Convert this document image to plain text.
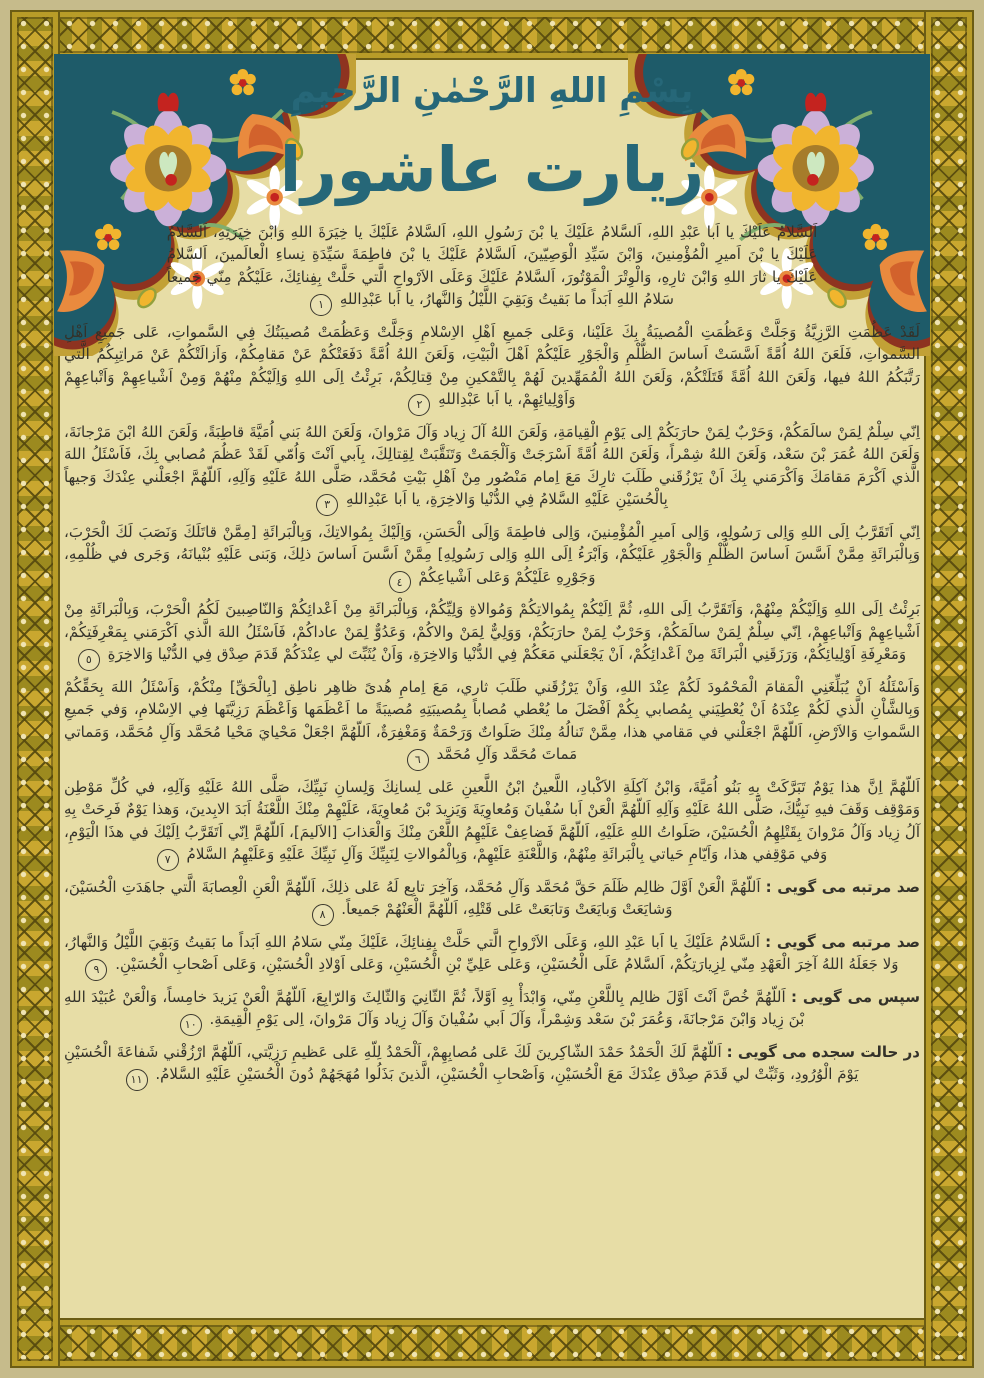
بِسْمِ اللهِ الرَّحْمٰنِ الرَّحيمِ
زيارت عاشورا

اَلسَّلامُ عَلَيْكَ يا اَبا عَبْدِ اللهِ، اَلسَّلامُ عَلَيْكَ يا بْنَ رَسُولِ اللهِ، اَلسَّلامُ عَلَيْكَ يا خِيَرَةَ اللهِ وَابْنَ خِيَرَتِهِ، اَلسَّلامُ عَلَيْكَ يا بْنَ اَميرِ الْمُؤْمِنينَ، وَابْنَ سَيِّدِ الْوَصِيّينَ، اَلسَّلامُ عَلَيْكَ يا بْنَ فاطِمَةَ سَيِّدَةِ نِساءِ الْعالَمينَ، اَلسَّلامُ عَلَيْكَ يا ثارَ اللهِ وَابْنَ ثارِهِ، وَالْوِتْرَ الْمَوْتُورَ، اَلسَّلامُ عَلَيْكَ وَعَلَى الاَرْواحِ الَّتي حَلَّتْ بِفِنائِكَ، عَلَيْكُمْ مِنّي جَميعاً سَلامُ اللهِ اَبَداً ما بَقيتُ وَبَقِيَ اللَّيْلُ وَالنَّهارُ، يا اَبا عَبْدِاللهِ
١

لَقَدْ عَظُمَتِ الرَّزِيَّةُ وَجَلَّتْ وَعَظُمَتِ الْمُصيبَةُ بِكَ عَلَيْنا، وَعَلى جَميعِ اَهْلِ الاِسْلامِ وَجَلَّتْ وَعَظُمَتْ مُصيبَتُكَ فِي السَّمواتِ، عَلى جَميعِ اَهْلِ السَّمواتِ، فَلَعَنَ اللهُ اُمَّةً اَسَّسَتْ اَساسَ الظُّلْمِ وَالْجَوْرِ عَلَيْكُمْ اَهْلَ الْبَيْتِ، وَلَعَنَ اللهُ اُمَّةً دَفَعَتْكُمْ عَنْ مَقامِكُمْ، وَاَزالَتْكُمْ عَنْ مَراتِبِكُمُ الَّتي رَتَّبَكُمُ اللهُ فيها، وَلَعَنَ اللهُ اُمَّةً قَتَلَتْكُمْ، وَلَعَنَ اللهُ الْمُمَهِّدينَ لَهُمْ بِالتَّمْكينِ مِنْ قِتالِكُمْ، بَرِئْتُ اِلَى اللهِ وَاِلَيْكُمْ مِنْهُمْ وَمِنْ اَشْياعِهِمْ وَاَتْباعِهِمْ وَاَوْلِيائِهِمْ، يا اَبا عَبْدِاللهِ
٢

اِنّي سِلْمٌ لِمَنْ سالَمَكُمْ، وَحَرْبٌ لِمَنْ حارَبَكُمْ اِلى يَوْمِ الْقِيامَةِ، وَلَعَنَ اللهُ آلَ زِياد وَآلَ مَرْوانَ، وَلَعَنَ اللهُ بَني اُمَيَّةَ قاطِبَةً، وَلَعَنَ اللهُ ابْنَ مَرْجانَةَ، وَلَعَنَ اللهُ عُمَرَ بْنَ سَعْد، وَلَعَنَ اللهُ شِمْراً، وَلَعَنَ اللهُ اُمَّةً اَسْرَجَتْ وَاَلْجَمَتْ وَتَنَقَّبَتْ لِقِتالِكَ، بِاَبي اَنْتَ وَاُمّي لَقَدْ عَظُمَ مُصابي بِكَ، فَاَسْئَلُ اللهَ الَّذي اَكْرَمَ مَقامَكَ وَاَكْرَمَني بِكَ اَنْ يَرْزُقَني طَلَبَ ثارِكَ مَعَ اِمام مَنْصُور مِنْ اَهْلِ بَيْتِ مُحَمَّد، صَلَّى اللهُ عَلَيْهِ وَآلِهِ، اَللّهُمَّ اجْعَلْني عِنْدَكَ وَجيهاً بِالْحُسَيْنِ عَلَيْهِ السَّلامُ فِي الدُّنْيا وَالاخِرَةِ، يا اَبا عَبْدِاللهِ
٣

اِنّي اَتَقَرَّبُ اِلَى اللهِ وَاِلى رَسُولِهِ، وَاِلى اَميرِ الْمُؤْمِنينَ، وَاِلى فاطِمَةَ وَاِلَى الْحَسَنِ، وَاِلَيْكَ بِمُوالاتِكَ، وَبِالْبَرائَةِ [مِمَّنْ قاتَلَكَ وَنَصَبَ لَكَ الْحَرْبَ، وَبِالْبَرائَةِ مِمَّنْ اَسَّسَ اَساسَ الظُّلْمِ وَالْجَوْرِ عَلَيْكُمْ، وَاَبْرَءُ اِلَى اللهِ وَاِلى رَسُولِهِ] مِمَّنْ اَسَّسَ اَساسَ ذلِكَ، وَبَنى عَلَيْهِ بُنْيانَهُ، وَجَرى في ظُلْمِهِ، وَجَوْرِهِ عَلَيْكُمْ وَعَلى اَشْياعِكُمْ
٤

بَرِئْتُ اِلَى اللهِ وَاِلَيْكُمْ مِنْهُمْ، وَاَتَقَرَّبُ اِلَى اللهِ، ثُمَّ اِلَيْكُمْ بِمُوالاتِكُمْ وَمُوالاةِ وَلِيِّكُمْ، وَبِالْبَرائَةِ مِنْ اَعْدائِكُمْ وَالنّاصِبينَ لَكُمُ الْحَرْبَ، وَبِالْبَرائَةِ مِنْ اَشْياعِهِمْ وَاَتْباعِهِمْ، اِنّي سِلْمٌ لِمَنْ سالَمَكُمْ، وَحَرْبٌ لِمَنْ حارَبَكُمْ، وَوَلِيٌّ لِمَنْ والاكُمْ، وَعَدُوٌّ لِمَنْ عاداكُمْ، فَاَسْئَلُ اللهَ الَّذي اَكْرَمَني بِمَعْرِفَتِكُمْ، وَمَعْرِفَةِ اَوْلِيائِكُمْ، وَرَزَقَنِي الْبَرائَةَ مِنْ اَعْدائِكُمْ، اَنْ يَجْعَلَني مَعَكُمْ فِي الدُّنْيا وَالاخِرَةِ، وَاَنْ يُثَبِّتَ لي عِنْدَكُمْ قَدَمَ صِدْق فِي الدُّنْيا وَالاخِرَةِ
٥

وَاَسْئَلُهُ اَنْ يُبَلِّغَنِي الْمَقامَ الْمَحْمُودَ لَكُمْ عِنْدَ اللهِ، وَاَنْ يَرْزُقَني طَلَبَ ثاري، مَعَ اِمامِ هُدىً ظاهِر ناطِق [بِالْحَقِّ] مِنْكُمْ، وَاَسْئَلُ اللهَ بِحَقِّكُمْ وَبِالشَّاْنِ الَّذي لَكُمْ عِنْدَهُ اَنْ يُعْطِيَني بِمُصابي بِكُمْ اَفْضَلَ ما يُعْطي مُصاباً بِمُصيبَتِهِ مُصيبَةً ما اَعْظَمَها وَاَعْظَمَ رَزِيَّتَها فِي الاِسْلامِ، وَفي جَميعِ السَّمواتِ وَالاَرْضِ، اَللّهُمَّ اجْعَلْني في مَقامي هذا، مِمَّنْ تَنالُهُ مِنْكَ صَلَواتٌ وَرَحْمَةٌ وَمَغْفِرَةٌ، اَللّهُمَّ اجْعَلْ مَحْيايَ مَحْيا مُحَمَّد وَآلِ مُحَمَّد، وَمَماتي مَماتَ مُحَمَّد وَآلِ مُحَمَّد
٦

اَللّهُمَّ اِنَّ هذا يَوْمٌ تَبَرَّكَتْ بِهِ بَنُو اُمَيَّةَ، وَابْنُ آكِلَةِ الاَكْبادِ، اللَّعينُ ابْنُ اللَّعينِ عَلى لِسانِكَ وَلِسانِ نَبِيِّكَ، صَلَّى اللهُ عَلَيْهِ وَآلِهِ، في كُلِّ مَوْطِن وَمَوْقِف وَقَفَ فيهِ نَبِيُّكَ، صَلَّى اللهُ عَلَيْهِ وَآلِهِ اَللّهُمَّ الْعَنْ اَبا سُفْيانَ وَمُعاوِيَةَ وَيَزيدَ بْنَ مُعاوِيَةَ، عَلَيْهِمْ مِنْكَ اللَّعْنَةُ اَبَدَ الابِدينَ، وَهذا يَوْمٌ فَرِحَتْ بِهِ آلُ زِياد وَآلُ مَرْوانَ بِقَتْلِهِمُ الْحُسَيْنَ، صَلَواتُ اللهِ عَلَيْهِ، اَللّهُمَّ فَضاعِفْ عَلَيْهِمُ اللَّعْنَ مِنْكَ وَالْعَذابَ [الاَليمَ]، اَللّهُمَّ اِنّي اَتَقَرَّبُ اِلَيْكَ في هذَا الْيَوْمِ، وَفي مَوْقِفي هذا، وَاَيّامِ حَياتي بِالْبَرائَةِ مِنْهُمْ، وَاللَّعْنَةِ عَلَيْهِمْ، وَبِالْمُوالاتِ لِنَبِيِّكَ وَآلِ نَبِيِّكَ عَلَيْهِ وَعَلَيْهِمُ السَّلامُ
٧

صد مرتبه می گویی : اَللّهُمَّ الْعَنْ اَوَّلَ ظالِم ظَلَمَ حَقَّ مُحَمَّد وَآلِ مُحَمَّد، وَآخِرَ تابِع لَهُ عَلى ذلِكَ، اَللّهُمَّ الْعَنِ الْعِصابَةَ الَّتي جاهَدَتِ الْحُسَيْنَ، وَشايَعَتْ وَبايَعَتْ وَتابَعَتْ عَلى قَتْلِهِ، اَللّهُمَّ الْعَنْهُمْ جَميعاً.
٨

صد مرتبه می گویی : اَلسَّلامُ عَلَيْكَ يا اَبا عَبْدِ اللهِ، وَعَلَى الاَرْواحِ الَّتي حَلَّتْ بِفِنائِكَ، عَلَيْكَ مِنّي سَلامُ اللهِ اَبَداً ما بَقيتُ وَبَقِيَ اللَّيْلُ وَالنَّهارُ، وَلا جَعَلَهُ اللهُ آخِرَ الْعَهْدِ مِنّي لِزِيارَتِكُمْ، اَلسَّلامُ عَلَى الْحُسَيْنِ، وَعَلى عَلِيِّ بْنِ الْحُسَيْنِ، وَعَلى اَوْلادِ الْحُسَيْنِ، وَعَلى اَصْحابِ الْحُسَيْنِ.
٩

سپس می گویی : اَللّهُمَّ خُصَّ اَنْتَ اَوَّلَ ظالِم بِاللَّعْنِ مِنّي، وَابْدَأْ بِهِ اَوَّلاً، ثُمَّ الثّانِيَ وَالثّالِثَ وَالرّابِعَ، اَللّهُمَّ الْعَنْ يَزيدَ خامِساً، وَالْعَنْ عُبَيْدَ اللهِ بْنَ زِياد وَابْنَ مَرْجانَةَ، وَعُمَرَ بْنَ سَعْد وَشِمْراً، وَآلَ اَبي سُفْيانَ وَآلَ زِياد وَآلَ مَرْوانَ، اِلى يَوْمِ الْقِيمَةِ.
١٠

در حالت سجده می گویی : اَللّهُمَّ لَكَ الْحَمْدُ حَمْدَ الشّاكِرينَ لَكَ عَلى مُصابِهِمْ، اَلْحَمْدُ لِلّهِ عَلى عَظيمِ رَزِيَّتي، اَللّهُمَّ ارْزُقْني شَفاعَةَ الْحُسَيْنِ يَوْمَ الْوُرُودِ، وَثَبِّتْ لي قَدَمَ صِدْق عِنْدَكَ مَعَ الْحُسَيْنِ، وَاَصْحابِ الْحُسَيْنِ، الَّذينَ بَذَلُوا مُهَجَهُمْ دُونَ الْحُسَيْنِ عَلَيْهِ السَّلامُ.
١١
